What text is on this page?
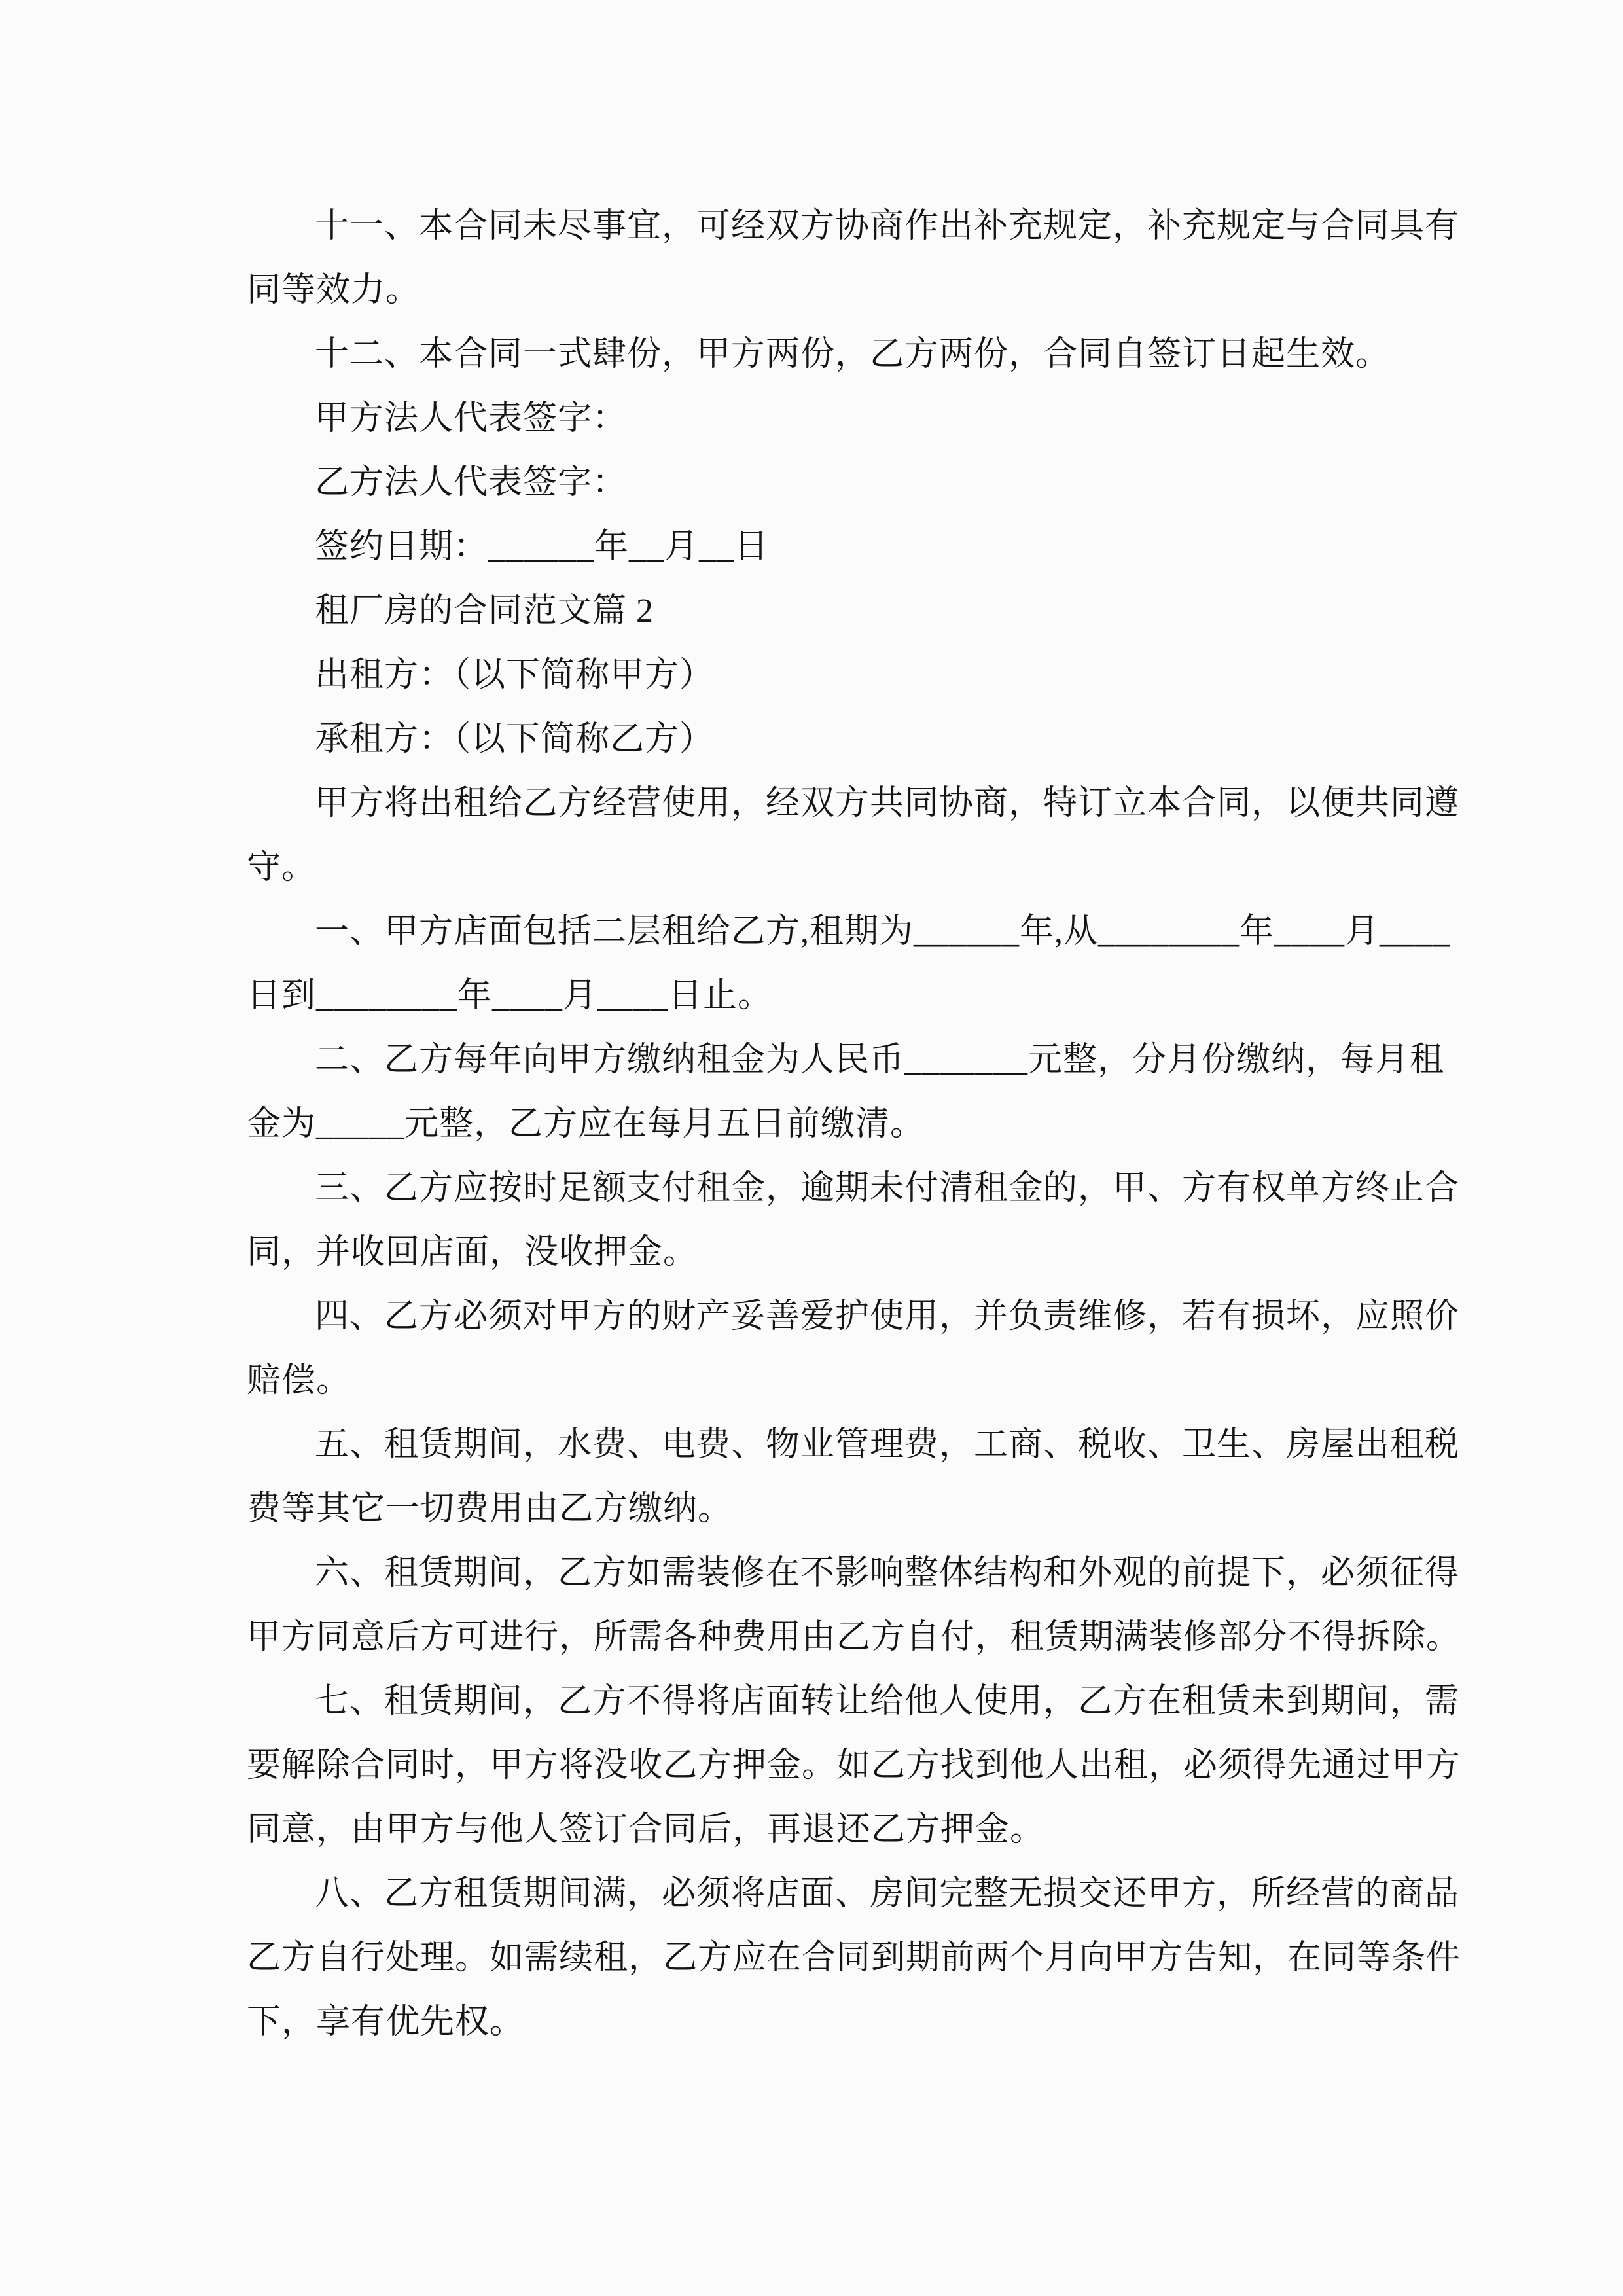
十一、本合同未尽事宜，可经双方协商作出补充规定，补充规定与合同具有
同等效力。
十二、本合同一式肆份，甲方两份，乙方两份，合同自签订日起生效。
甲方法人代表签字：
乙方法人代表签字：
签约日期：______年__月__日
租厂房的合同范文篇 2
出租方：（以下简称甲方）
承租方：（以下简称乙方）
甲方将出租给乙方经营使用，经双方共同协商，特订立本合同，以便共同遵
守。
一、甲方店面包括二层租给乙方,租期为______年,从________年____月____
日到________年____月____日止。
二、乙方每年向甲方缴纳租金为人民币_______元整，分月份缴纳，每月租
金为_____元整，乙方应在每月五日前缴清。
三、乙方应按时足额支付租金，逾期未付清租金的，甲、方有权单方终止合
同，并收回店面，没收押金。
四、乙方必须对甲方的财产妥善爱护使用，并负责维修，若有损坏，应照价
赔偿。
五、租赁期间，水费、电费、物业管理费，工商、税收、卫生、房屋出租税
费等其它一切费用由乙方缴纳。
六、租赁期间，乙方如需装修在不影响整体结构和外观的前提下，必须征得
甲方同意后方可进行，所需各种费用由乙方自付，租赁期满装修部分不得拆除。
七、租赁期间，乙方不得将店面转让给他人使用，乙方在租赁未到期间，需
要解除合同时，甲方将没收乙方押金。如乙方找到他人出租，必须得先通过甲方
同意，由甲方与他人签订合同后，再退还乙方押金。
八、乙方租赁期间满，必须将店面、房间完整无损交还甲方，所经营的商品
乙方自行处理。如需续租，乙方应在合同到期前两个月向甲方告知，在同等条件
下，享有优先权。
